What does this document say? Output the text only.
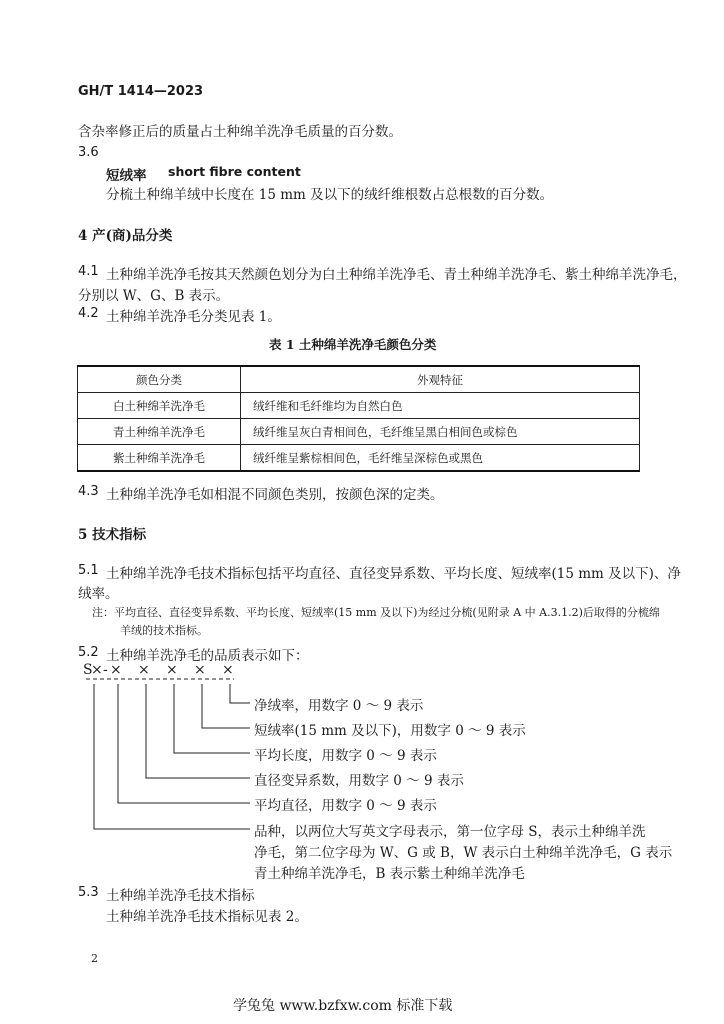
GH/T 1414—2023
含杂率修正后的质量占土种绵羊洗净毛质量的百分数。
3.6
短绒率 short fibre content
分梳土种绵羊绒中长度在 15 mm 及以下的绒纤维根数占总根数的百分数。
4 产(商)品分类
4.1 土种绵羊洗净毛按其天然颜色划分为白土种绵羊洗净毛、青土种绵羊洗净毛、紫土种绵羊洗净毛，
分别以 W、G、B 表示。
4.2 土种绵羊洗净毛分类见表 1。
表 1 土种绵羊洗净毛颜色分类
颜色分类	外观特征
白土种绵羊洗净毛	绒纤维和毛纤维均为自然白色
青土种绵羊洗净毛	绒纤维呈灰白青相间色，毛纤维呈黑白相间色或棕色
紫土种绵羊洗净毛	绒纤维呈紫棕相间色，毛纤维呈深棕色或黑色
4.3 土种绵羊洗净毛如相混不同颜色类别，按颜色深的定类。
5 技术指标
5.1 土种绵羊洗净毛技术指标包括平均直径、直径变异系数、平均长度、短绒率(15 mm 及以下)、净
绒率。
注：平均直径、直径变异系数、平均长度、短绒率(15 mm 及以下)为经过分梳(见附录 A 中 A.3.1.2)后取得的分梳绵
羊绒的技术指标。
5.2 土种绵羊洗净毛的品质表示如下：
S
× - × × × × ×
净绒率，用数字 0 ～ 9 表示
短绒率(15 mm 及以下)，用数字 0 ～ 9 表示
平均长度，用数字 0 ～ 9 表示
直径变异系数，用数字 0 ～ 9 表示
平均直径，用数字 0 ～ 9 表示
品种，以两位大写英文字母表示，第一位字母 S，表示土种绵羊洗
净毛，第二位字母为 W、G 或 B，W 表示白土种绵羊洗净毛，G 表示
青土种绵羊洗净毛，B 表示紫土种绵羊洗净毛
5.3 土种绵羊洗净毛技术指标
土种绵羊洗净毛技术指标见表 2。
2
学兔兔 www.bzfxw.com 标准下载
